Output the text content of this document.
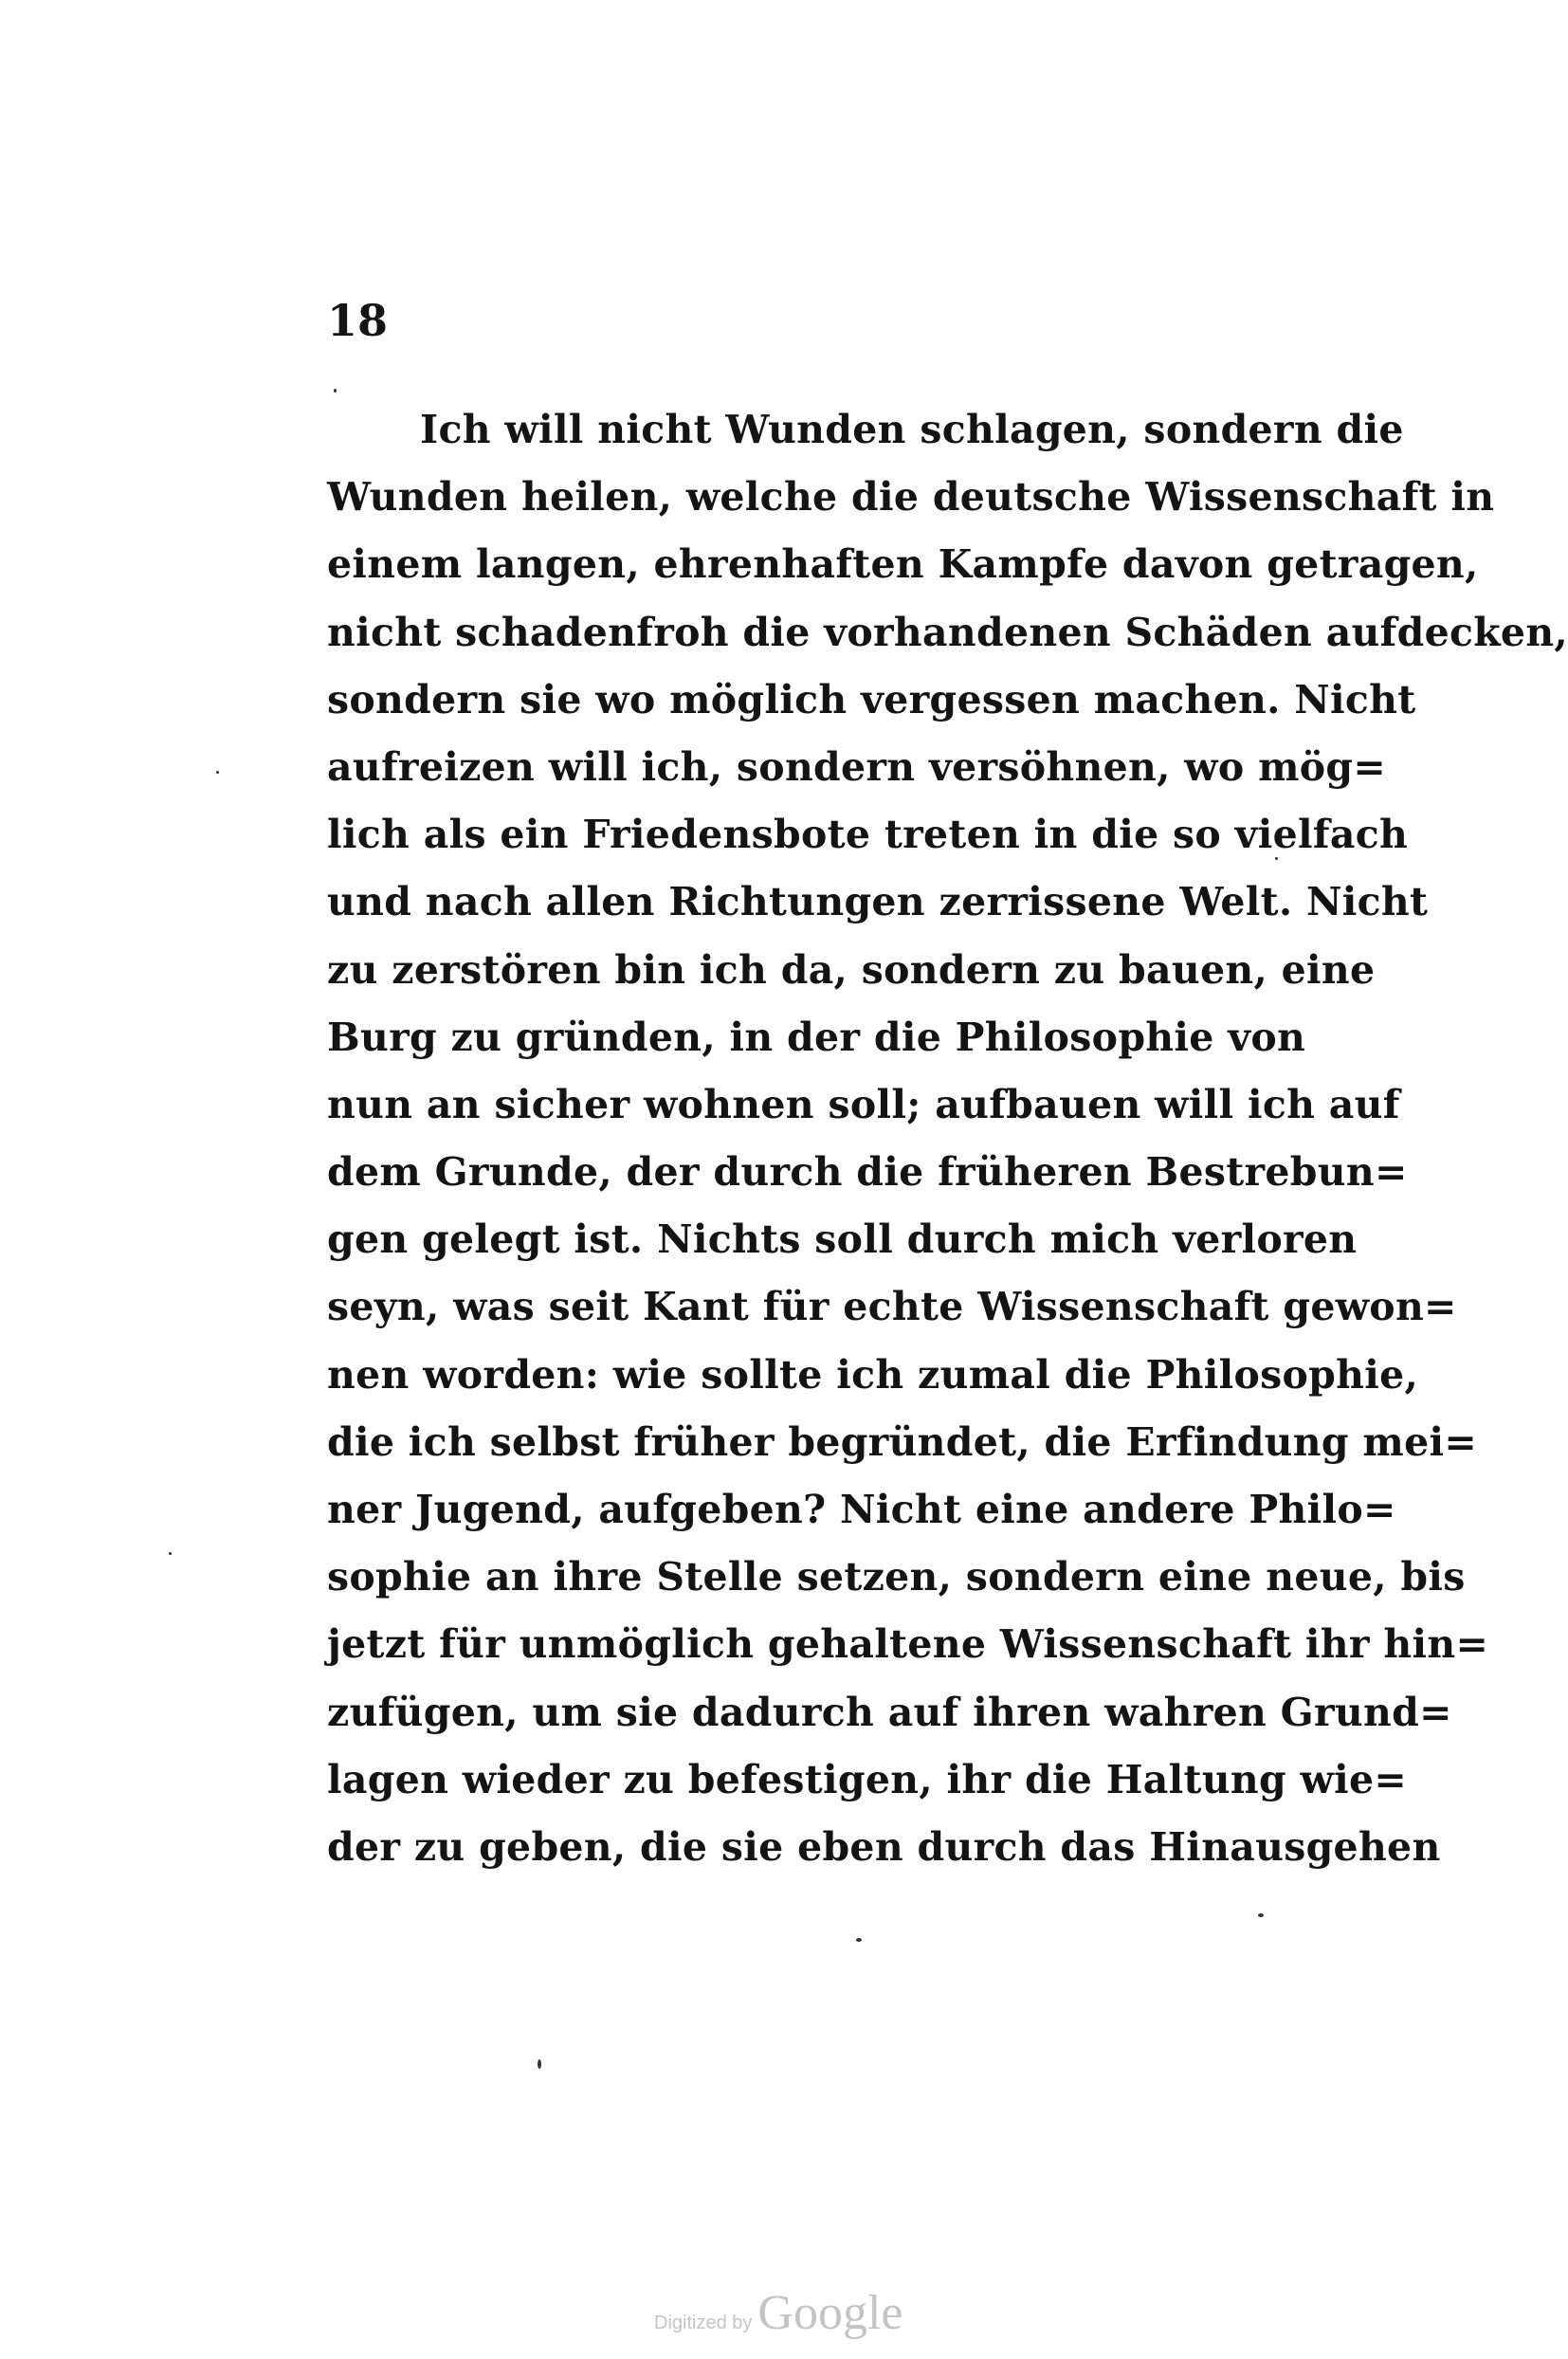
18
Ich will nicht Wunden schlagen, sondern die
Wunden heilen, welche die deutsche Wissenschaft in
einem langen, ehrenhaften Kampfe davon getragen,
nicht schadenfroh die vorhandenen Schäden aufdecken,
sondern sie wo möglich vergessen machen. Nicht
aufreizen will ich, sondern versöhnen, wo mög=
lich als ein Friedensbote treten in die so vielfach
und nach allen Richtungen zerrissene Welt. Nicht
zu zerstören bin ich da, sondern zu bauen, eine
Burg zu gründen, in der die Philosophie von
nun an sicher wohnen soll; aufbauen will ich auf
dem Grunde, der durch die früheren Bestrebun=
gen gelegt ist. Nichts soll durch mich verloren
seyn, was seit Kant für echte Wissenschaft gewon=
nen worden: wie sollte ich zumal die Philosophie,
die ich selbst früher begründet, die Erfindung mei=
ner Jugend, aufgeben? Nicht eine andere Philo=
sophie an ihre Stelle setzen, sondern eine neue, bis
jetzt für unmöglich gehaltene Wissenschaft ihr hin=
zufügen, um sie dadurch auf ihren wahren Grund=
lagen wieder zu befestigen, ihr die Haltung wie=
der zu geben, die sie eben durch das Hinausgehen
Digitized by Google
